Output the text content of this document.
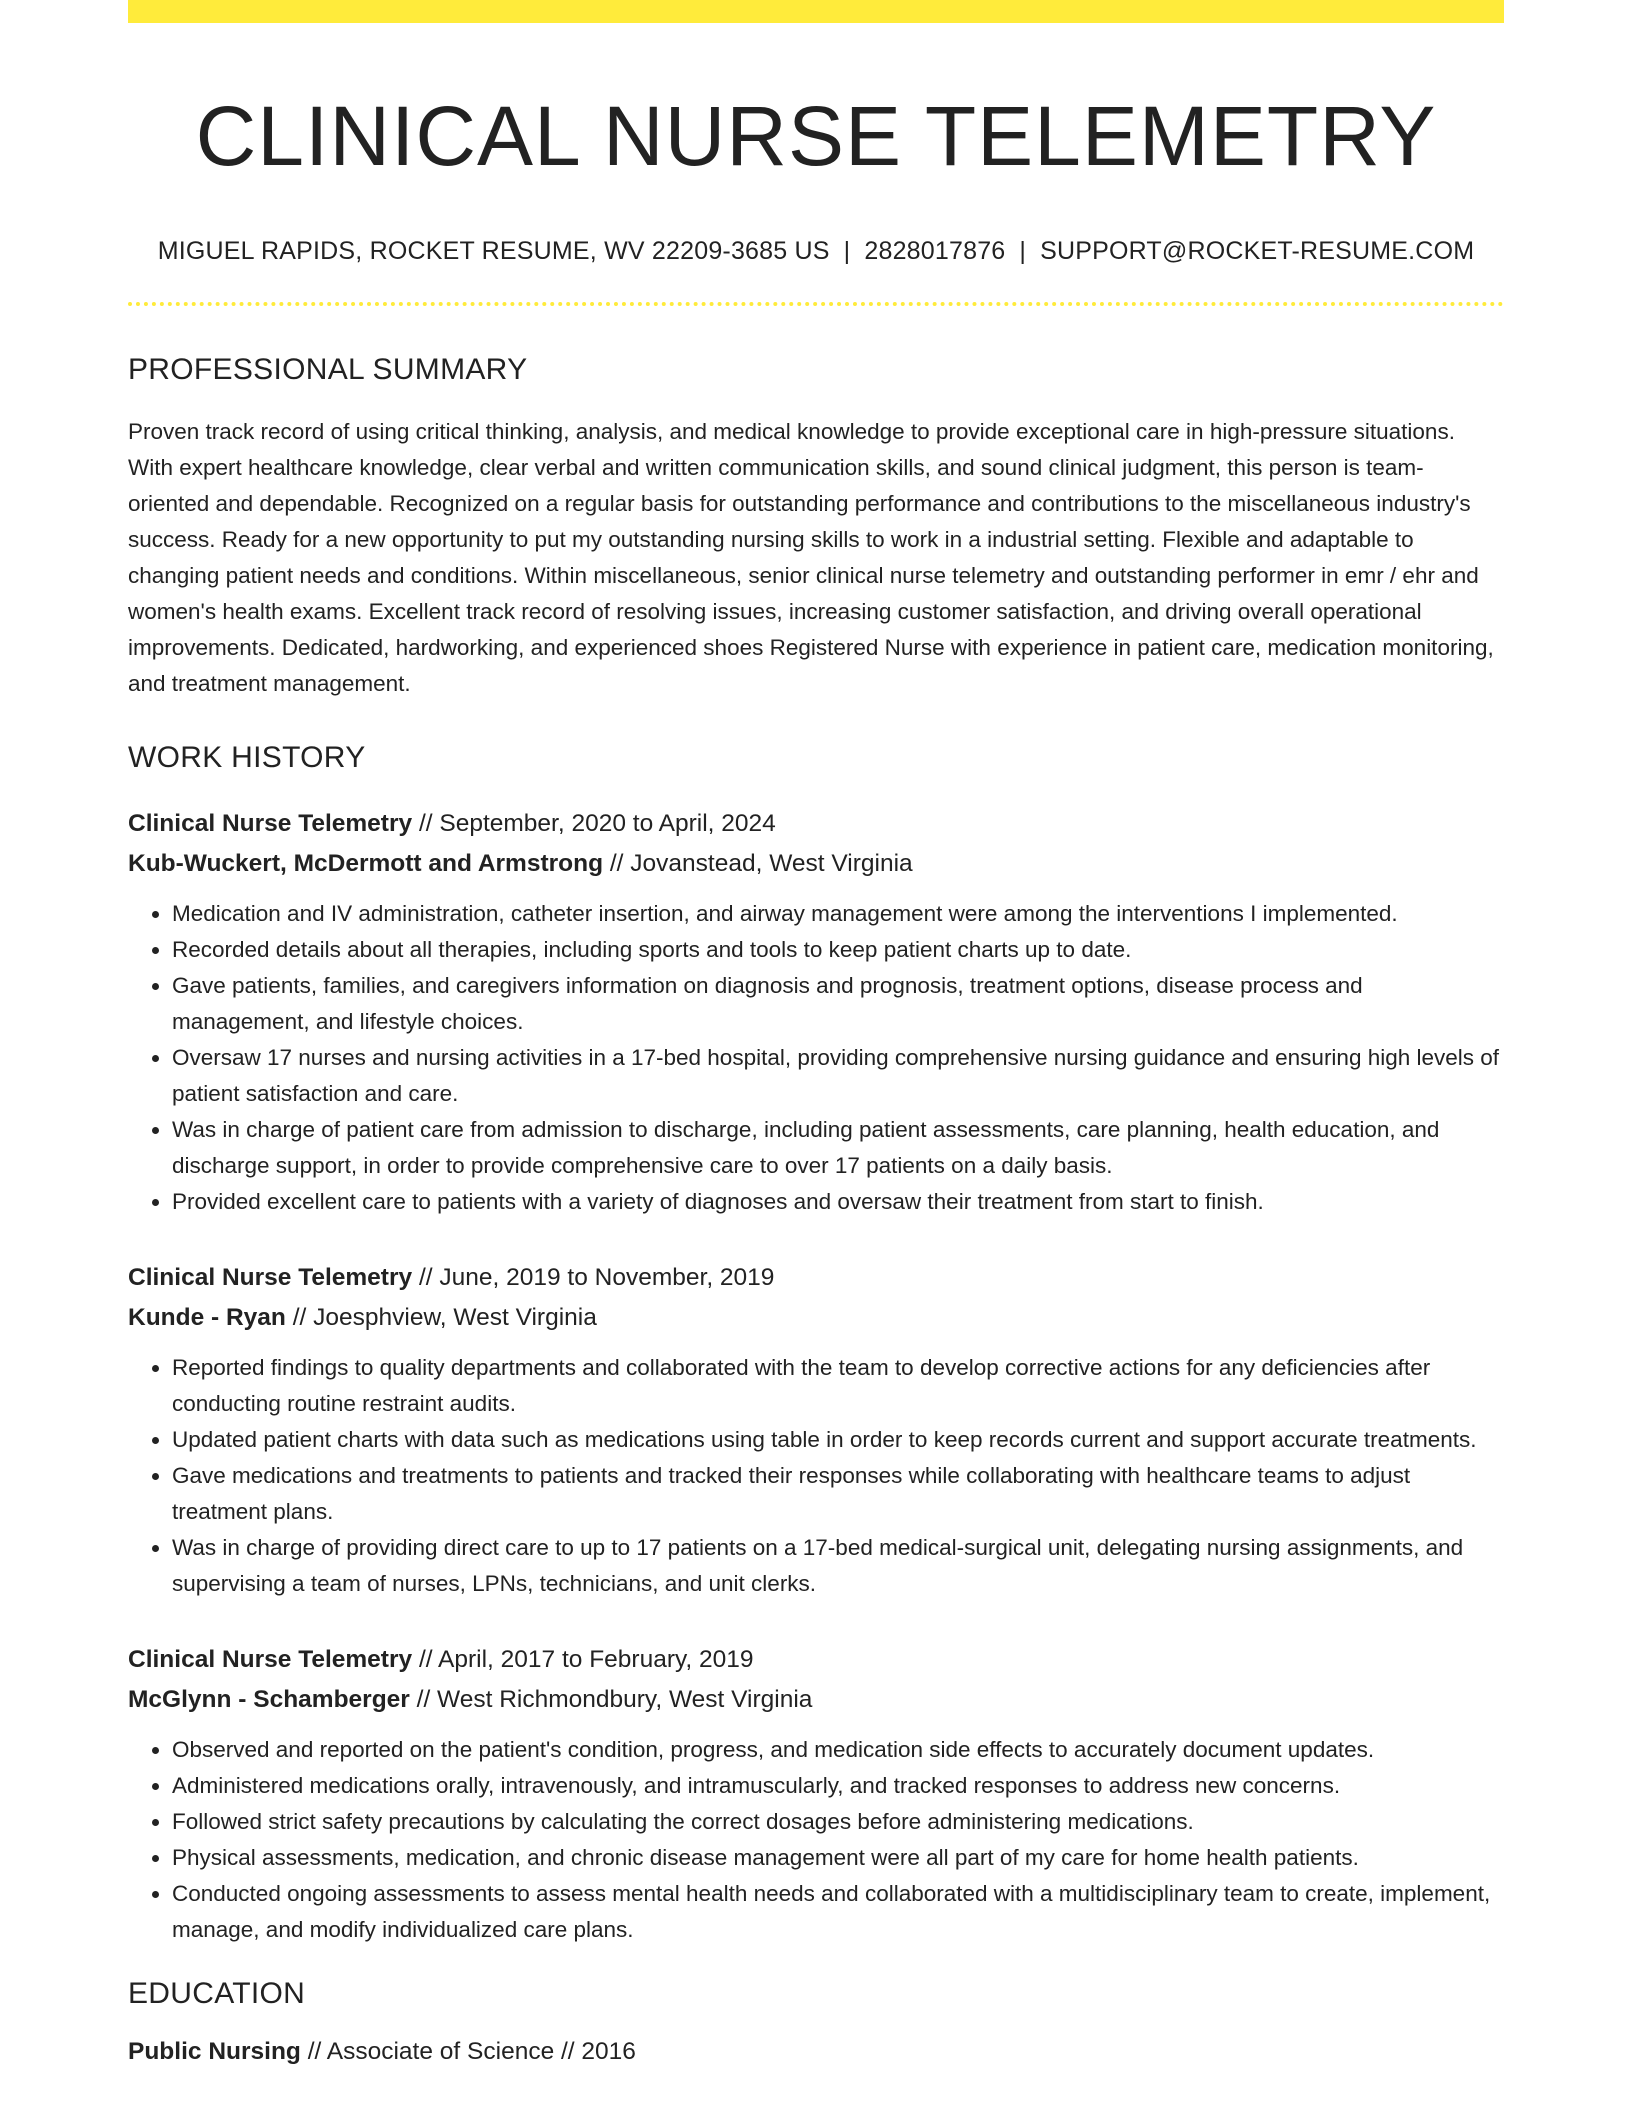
CLINICAL NURSE TELEMETRY
MIGUEL RAPIDS, ROCKET RESUME, WV 22209-3685 US | 2828017876 | SUPPORT@ROCKET-RESUME.COM
PROFESSIONAL SUMMARY
Proven track record of using critical thinking, analysis, and medical knowledge to provide exceptional care in high-pressure situations. With expert healthcare knowledge, clear verbal and written communication skills, and sound clinical judgment, this person is team-oriented and dependable. Recognized on a regular basis for outstanding performance and contributions to the miscellaneous industry's success. Ready for a new opportunity to put my outstanding nursing skills to work in a industrial setting. Flexible and adaptable to changing patient needs and conditions. Within miscellaneous, senior clinical nurse telemetry and outstanding performer in emr / ehr and women's health exams. Excellent track record of resolving issues, increasing customer satisfaction, and driving overall operational improvements. Dedicated, hardworking, and experienced shoes Registered Nurse with experience in patient care, medication monitoring, and treatment management.
WORK HISTORY
Clinical Nurse Telemetry // September, 2020 to April, 2024
Kub-Wuckert, McDermott and Armstrong // Jovanstead, West Virginia
• Medication and IV administration, catheter insertion, and airway management were among the interventions I implemented.
• Recorded details about all therapies, including sports and tools to keep patient charts up to date.
• Gave patients, families, and caregivers information on diagnosis and prognosis, treatment options, disease process and management, and lifestyle choices.
• Oversaw 17 nurses and nursing activities in a 17-bed hospital, providing comprehensive nursing guidance and ensuring high levels of patient satisfaction and care.
• Was in charge of patient care from admission to discharge, including patient assessments, care planning, health education, and discharge support, in order to provide comprehensive care to over 17 patients on a daily basis.
• Provided excellent care to patients with a variety of diagnoses and oversaw their treatment from start to finish.
Clinical Nurse Telemetry // June, 2019 to November, 2019
Kunde - Ryan // Joesphview, West Virginia
• Reported findings to quality departments and collaborated with the team to develop corrective actions for any deficiencies after conducting routine restraint audits.
• Updated patient charts with data such as medications using table in order to keep records current and support accurate treatments.
• Gave medications and treatments to patients and tracked their responses while collaborating with healthcare teams to adjust treatment plans.
• Was in charge of providing direct care to up to 17 patients on a 17-bed medical-surgical unit, delegating nursing assignments, and supervising a team of nurses, LPNs, technicians, and unit clerks.
Clinical Nurse Telemetry // April, 2017 to February, 2019
McGlynn - Schamberger // West Richmondbury, West Virginia
• Observed and reported on the patient's condition, progress, and medication side effects to accurately document updates.
• Administered medications orally, intravenously, and intramuscularly, and tracked responses to address new concerns.
• Followed strict safety precautions by calculating the correct dosages before administering medications.
• Physical assessments, medication, and chronic disease management were all part of my care for home health patients.
• Conducted ongoing assessments to assess mental health needs and collaborated with a multidisciplinary team to create, implement, manage, and modify individualized care plans.
EDUCATION
Public Nursing // Associate of Science // 2016
